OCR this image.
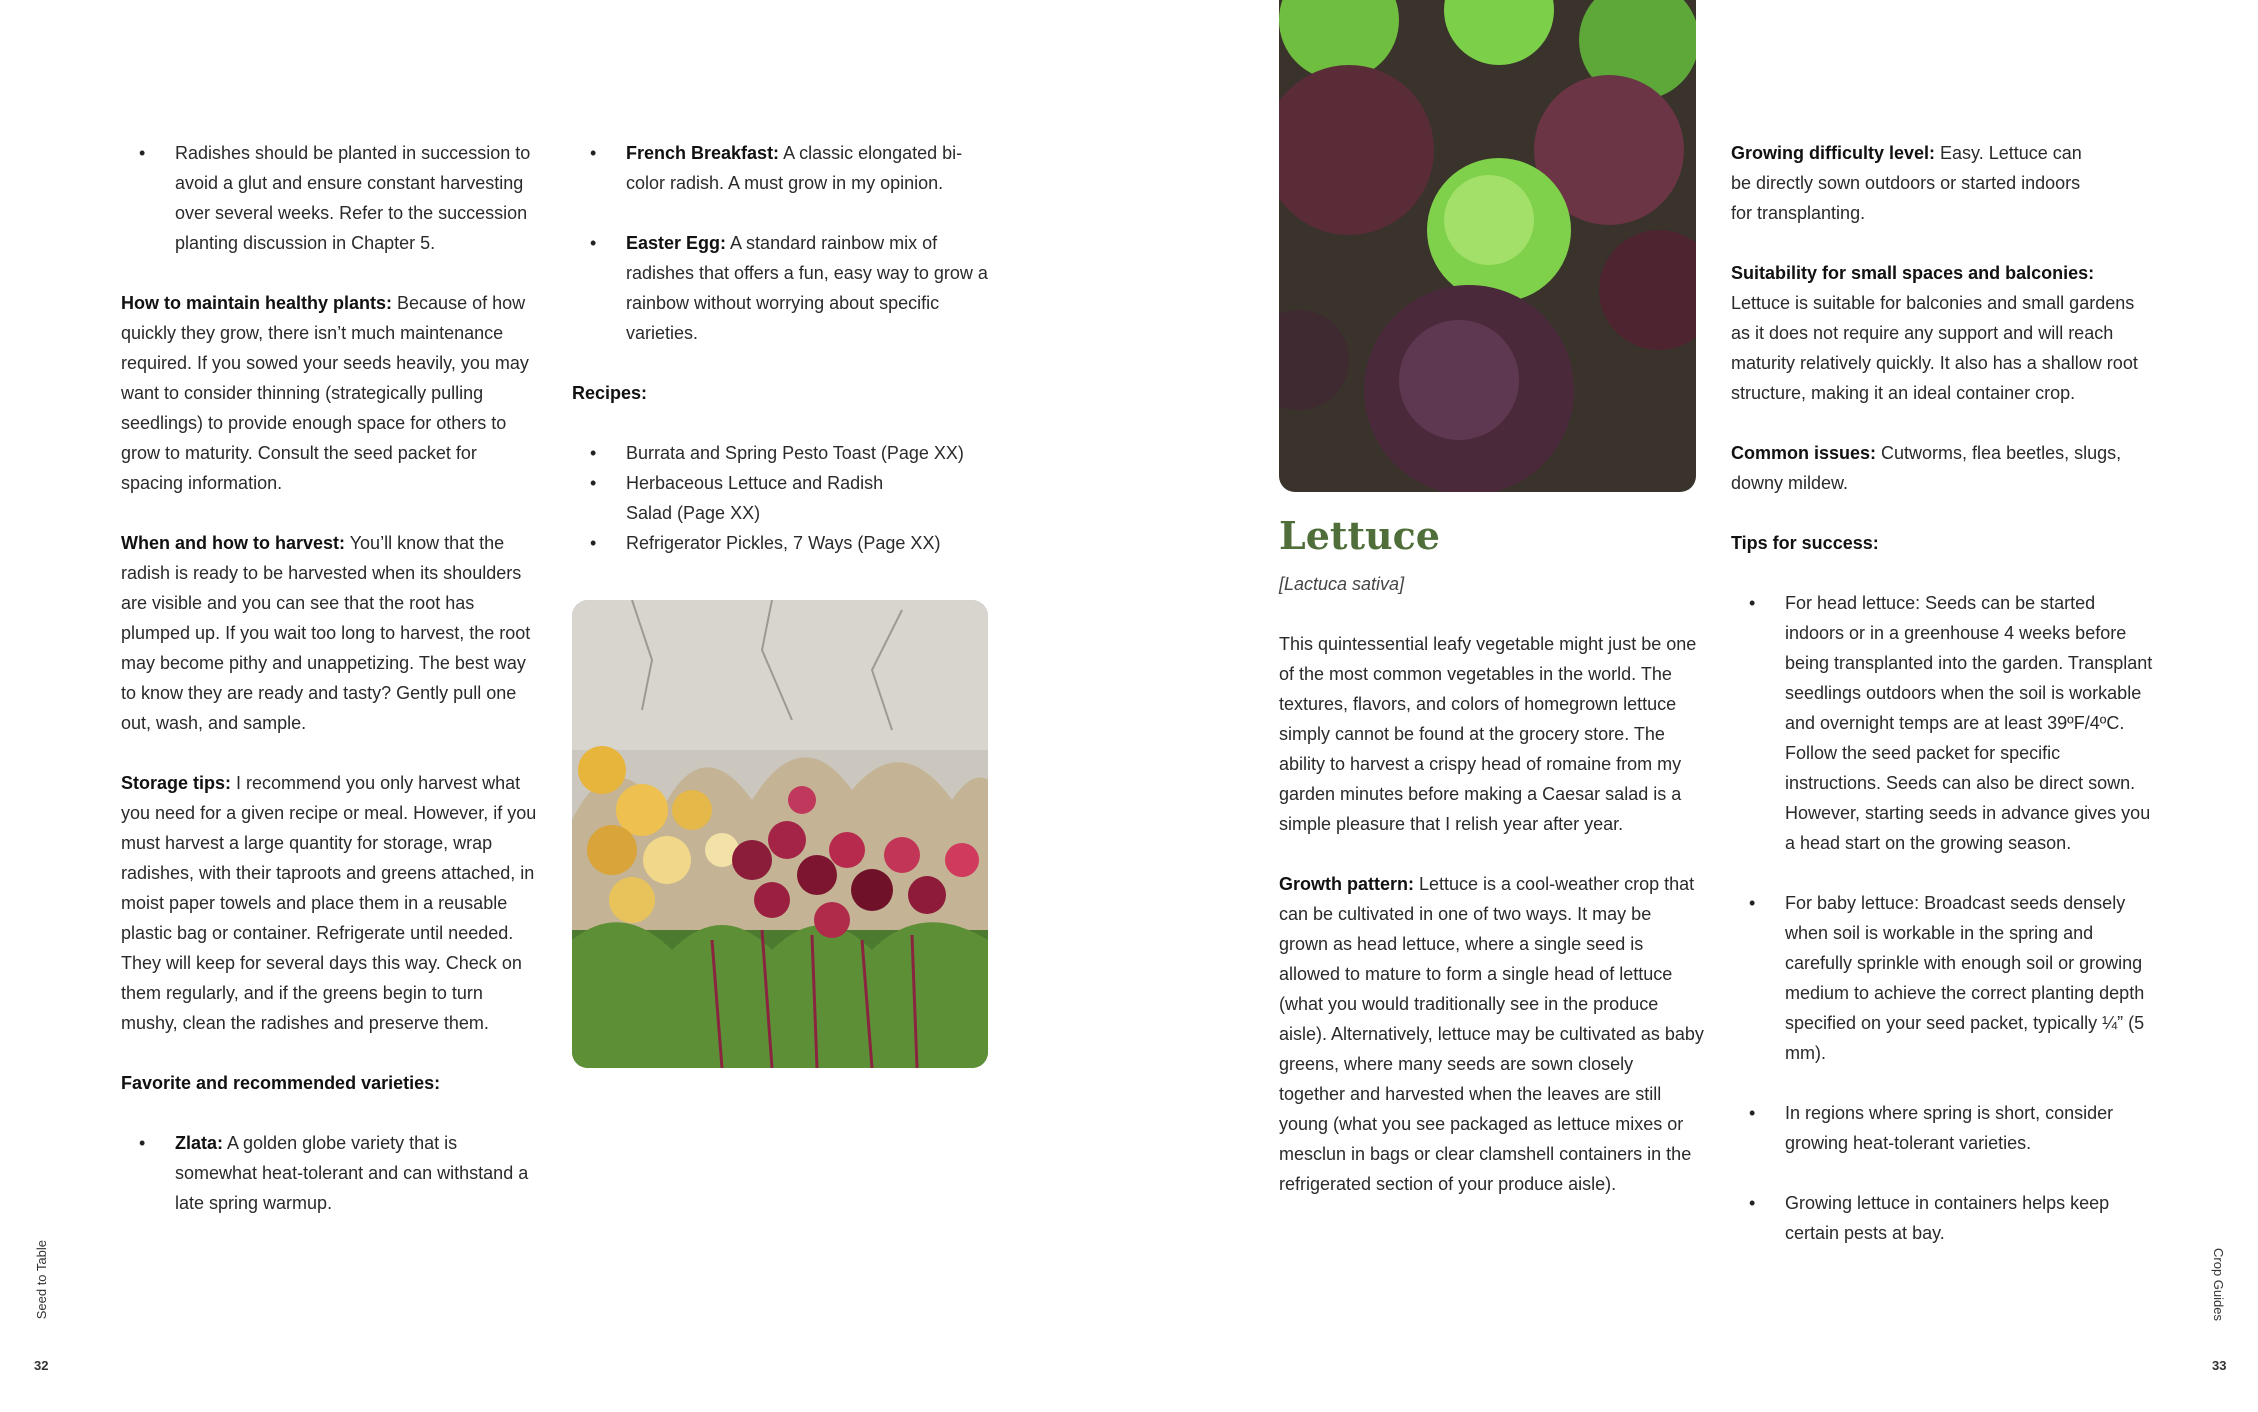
• Radishes should be planted in succession to avoid a glut and ensure constant harvesting over several weeks. Refer to the succession planting discussion in Chapter 5.

How to maintain healthy plants: Because of how quickly they grow, there isn’t much maintenance required. If you sowed your seeds heavily, you may want to consider thinning (strategically pulling seedlings) to provide enough space for others to grow to maturity. Consult the seed packet for spacing information.

When and how to harvest: You’ll know that the radish is ready to be harvested when its shoulders are visible and you can see that the root has plumped up. If you wait too long to harvest, the root may become pithy and unappetizing. The best way to know they are ready and tasty? Gently pull one out, wash, and sample.

Storage tips: I recommend you only harvest what you need for a given recipe or meal. However, if you must harvest a large quantity for storage, wrap radishes, with their taproots and greens attached, in moist paper towels and place them in a reusable plastic bag or container. Refrigerate until needed. They will keep for several days this way. Check on them regularly, and if the greens begin to turn mushy, clean the radishes and preserve them.

Favorite and recommended varieties:

• Zlata: A golden globe variety that is somewhat heat-tolerant and can withstand a late spring warmup.
• French Breakfast: A classic elongated bi-color radish. A must grow in my opinion.
• Easter Egg: A standard rainbow mix of radishes that offers a fun, easy way to grow a rainbow without worrying about specific varieties.

Recipes:

• Burrata and Spring Pesto Toast (Page XX)
• Herbaceous Lettuce and Radish Salad (Page XX)
• Refrigerator Pickles, 7 Ways (Page XX)	Lettuce

[Lactuca sativa]

This quintessential leafy vegetable might just be one of the most common vegetables in the world. The textures, flavors, and colors of homegrown lettuce simply cannot be found at the grocery store. The ability to harvest a crispy head of romaine from my garden minutes before making a Caesar salad is a simple pleasure that I relish year after year.

Growth pattern: Lettuce is a cool-weather crop that can be cultivated in one of two ways. It may be grown as head lettuce, where a single seed is allowed to mature to form a single head of lettuce (what you would traditionally see in the produce aisle). Alternatively, lettuce may be cultivated as baby greens, where many seeds are sown closely together and harvested when the leaves are still young (what you see packaged as lettuce mixes or mesclun in bags or clear clamshell containers in the refrigerated section of your produce aisle).

Growing difficulty level: Easy. Lettuce can be directly sown outdoors or started indoors for transplanting.

Suitability for small spaces and balconies:
Lettuce is suitable for balconies and small gardens as it does not require any support and will reach maturity relatively quickly. It also has a shallow root structure, making it an ideal container crop.

Common issues: Cutworms, flea beetles, slugs, downy mildew.

Tips for success:

• For head lettuce: Seeds can be started indoors or in a greenhouse 4 weeks before being transplanted into the garden. Transplant seedlings outdoors when the soil is workable and overnight temps are at least 39ºF/4ºC. Follow the seed packet for specific instructions. Seeds can also be direct sown. However, starting seeds in advance gives you a head start on the growing season.
• For baby lettuce: Broadcast seeds densely when soil is workable in the spring and carefully sprinkle with enough soil or growing medium to achieve the correct planting depth specified on your seed packet, typically ¼” (5 mm).
• In regions where spring is short, consider growing heat-tolerant varieties.
• Growing lettuce in containers helps keep certain pests at bay.
Seed to Table
32
Crop Guides
33
